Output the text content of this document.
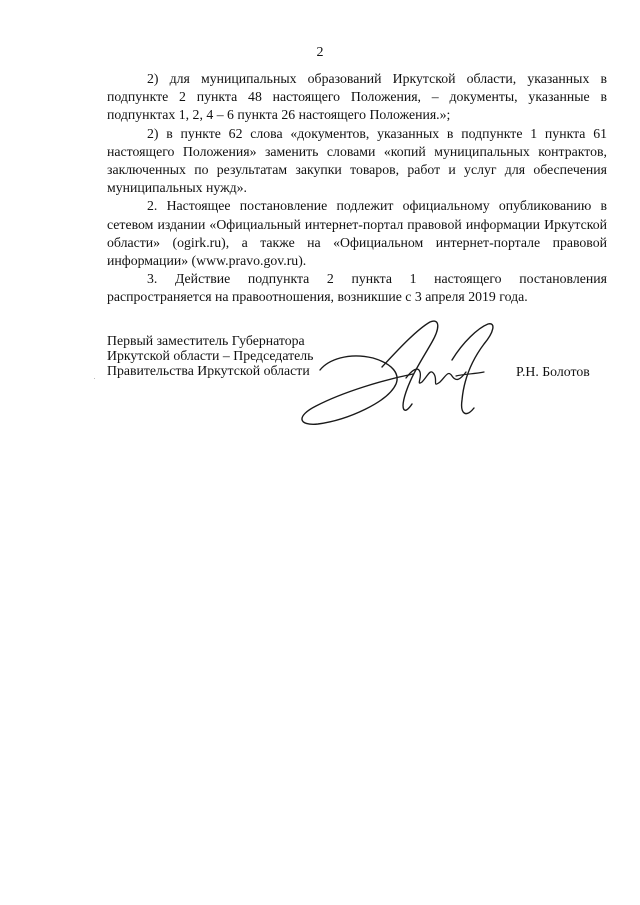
2

2) для муниципальных образований Иркутской области, указанных в подпункте 2 пункта 48 настоящего Положения, – документы, указанные в подпунктах 1, 2, 4 – 6 пункта 26 настоящего Положения.»;

2) в пункте 62 слова «документов, указанных в подпункте 1 пункта 61 настоящего Положения» заменить словами «копий муниципальных контрактов, заключенных по результатам закупки товаров, работ и услуг для обеспечения муниципальных нужд».

2. Настоящее постановление подлежит официальному опубликованию в сетевом издании «Официальный интернет-портал правовой информации Иркутской области» (ogirk.ru), а также на «Официальном интернет-портале правовой информации» (www.pravo.gov.ru).

3. Действие подпункта 2 пункта 1 настоящего постановления распространяется на правоотношения, возникшие с 3 апреля 2019 года.

Первый заместитель Губернатора
Иркутской области – Председатель
Правительства Иркутской области	Р.Н. Болотов
